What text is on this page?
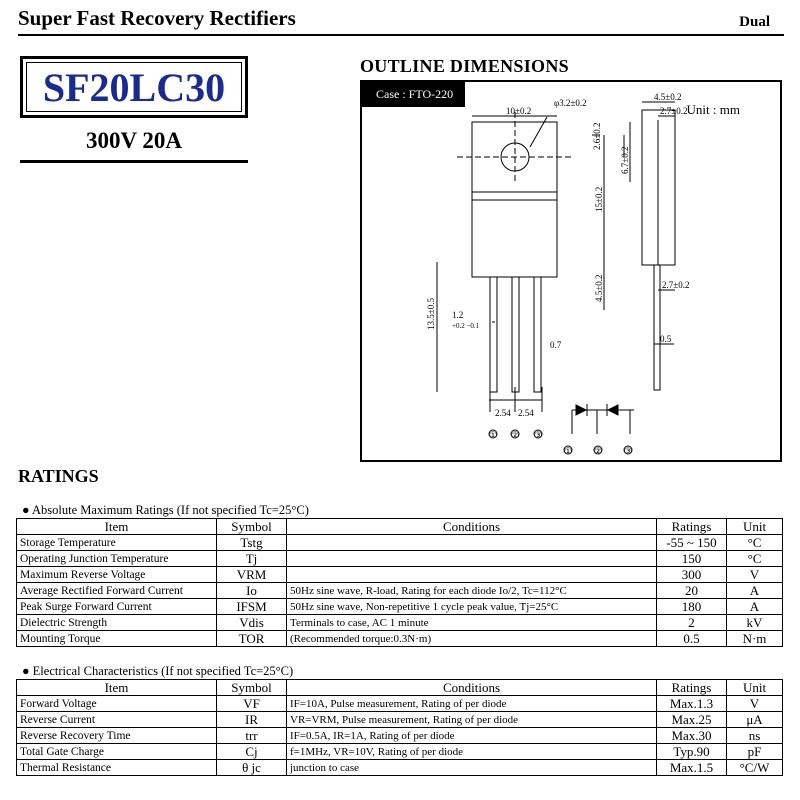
Super Fast Recovery Rectifiers	Dual
SF20LC30
300V 20A
OUTLINE DIMENSIONS
Case : FTO-220
Unit : mm
10±0.2
φ3.2±0.2
2.6±0.2
15±0.2
4.5±0.2
13.5±0.5 1.2
+0.2 −0.1
0.7
2.54 2.54
4.5±0.2
2.7±0.2
6.7±0.2
2.7±0.2
0.5
① ② ③
① ② ③
RATINGS
● Absolute Maximum Ratings (If not specified Tc=25°C)
Item	Symbol	Conditions	Ratings	Unit
Storage Temperature	Tstg		-55 ~ 150	°C
Operating Junction Temperature	Tj		150	°C
Maximum Reverse Voltage	VRM		300	V
Average Rectified Forward Current	Io	50Hz sine wave, R-load, Rating for each diode Io/2, Tc=112°C	20	A
Peak Surge Forward Current	IFSM	50Hz sine wave, Non-repetitive 1 cycle peak value, Tj=25°C	180	A
Dielectric Strength	Vdis	Terminals to case, AC 1 minute	2	kV
Mounting Torque	TOR	(Recommended torque:0.3N·m)	0.5	N·m
● Electrical Characteristics (If not specified Tc=25°C)
Item	Symbol	Conditions	Ratings	Unit
Forward Voltage	VF	IF=10A, Pulse measurement, Rating of per diode	Max.1.3	V
Reverse Current	IR	VR=VRM, Pulse measurement, Rating of per diode	Max.25	μA
Reverse Recovery Time	trr	IF=0.5A, IR=1A, Rating of per diode	Max.30	ns
Total Gate Charge	Cj	f=1MHz, VR=10V, Rating of per diode	Typ.90	pF
Thermal Resistance	θ jc	junction to case	Max.1.5	°C/W
